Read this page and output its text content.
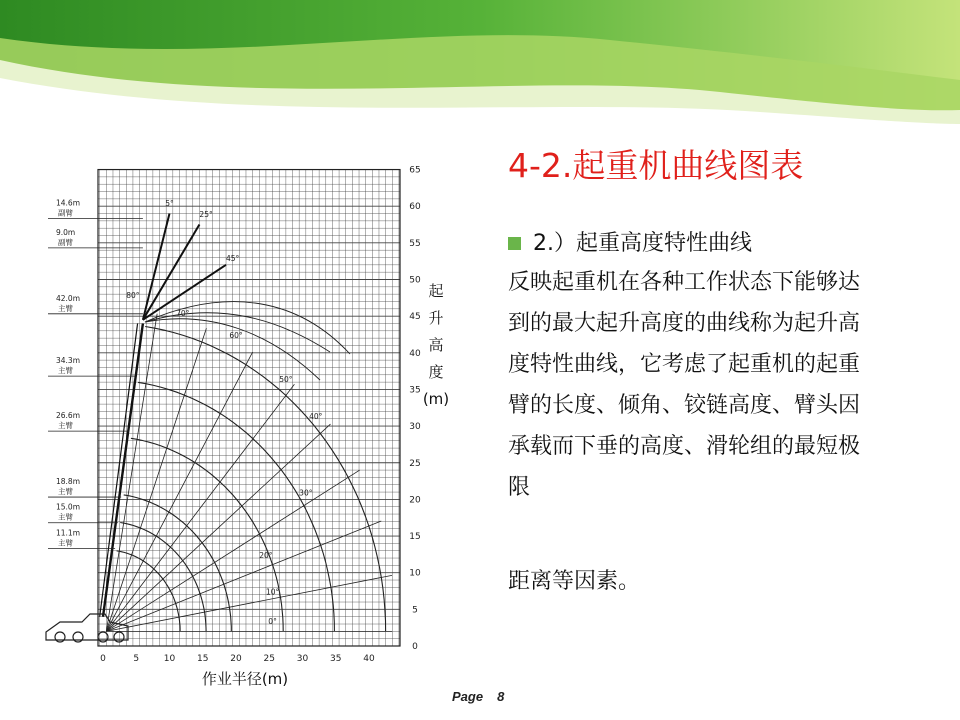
0	5	10 15 20 25 30 35 40
0
5
10
15
20
25
30
35
40
45
50
55
60
65
作业半径(m)
起
升
高
度
(m)
14.6m
副臂
9.0m
副臂
42.0m
主臂
34.3m
主臂
26.6m
主臂
18.8m
主臂
15.0m
主臂
11.1m
主臂
5°
25°
45°
80°
70°
60°
50°
40°
30°
20°
10°
0°
4-2.起重机曲线图表
2.）起重高度特性曲线
反映起重机在各种工作状态下能够达到的最大起升高度的曲线称为起升高度特性曲线，它考虑了起重机的起重臂的长度、倾角、铰链高度、臂头因承载而下垂的高度、滑轮组的最短极限
距离等因素。
Page 8
